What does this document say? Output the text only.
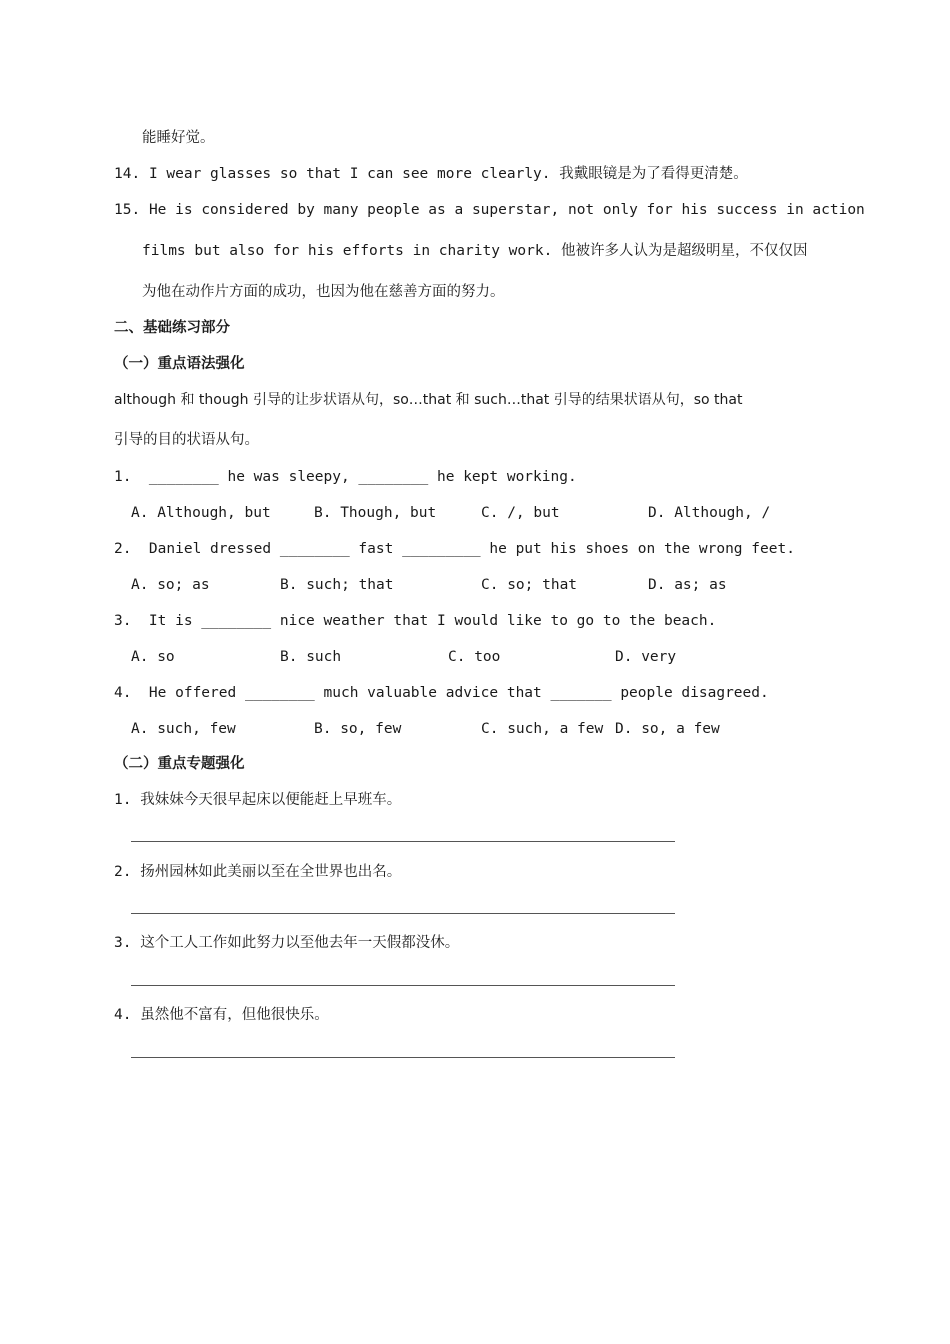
能睡好觉。
14. I wear glasses so that I can see more clearly. 我戴眼镜是为了看得更清楚。
15. He is considered by many people as a superstar, not only for his success in action
films but also for his efforts in charity work. 他被许多人认为是超级明星，不仅仅因
为他在动作片方面的成功，也因为他在慈善方面的努力。
二、基础练习部分
（一）重点语法强化
although 和 though 引导的让步状语从句，so…that 和 such…that 引导的结果状语从句，so that
引导的目的状语从句。
1.  ________ he was sleepy, ________ he kept working.
A. Although, but	B. Though, but	C. /, but	D. Although, /
2.  Daniel dressed ________ fast _________ he put his shoes on the wrong feet.
A. so; as	B. such; that	C. so; that	D. as; as
3.  It is ________ nice weather that I would like to go to the beach.
A. so	B. such	C. too	D. very
4.  He offered ________ much valuable advice that _______ people disagreed.
A. such, few	B. so, few	C. such, a few D. so, a few
（二）重点专题强化
1. 我妹妹今天很早起床以便能赶上早班车。
2. 扬州园林如此美丽以至在全世界也出名。
3. 这个工人工作如此努力以至他去年一天假都没休。
4. 虽然他不富有，但他很快乐。
